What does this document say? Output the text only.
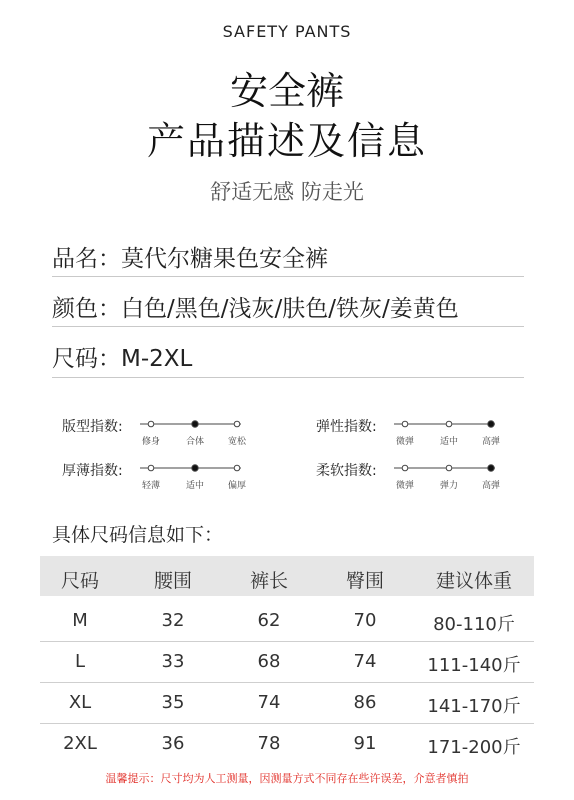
SAFETY PANTS
安全裤
产品描述及信息
舒适无感 防走光
品名：莫代尔糖果色安全裤
颜色：白色/黑色/浅灰/肤色/铁灰/姜黄色
尺码：M-2XL
版型指数:
修身	合体	宽松
弹性指数:
微弹	适中	高弹
厚薄指数:
轻薄	适中	偏厚
柔软指数:
微弹	弹力	高弹
具体尺码信息如下：
尺码	腰围	裤长	臀围	建议体重
M	32	62	70	80-110斤
L	33	68	74	111-140斤
XL	35	74	86	141-170斤
2XL	36	78	91	171-200斤
温馨提示：尺寸均为人工测量，因测量方式不同存在些许误差，介意者慎拍
